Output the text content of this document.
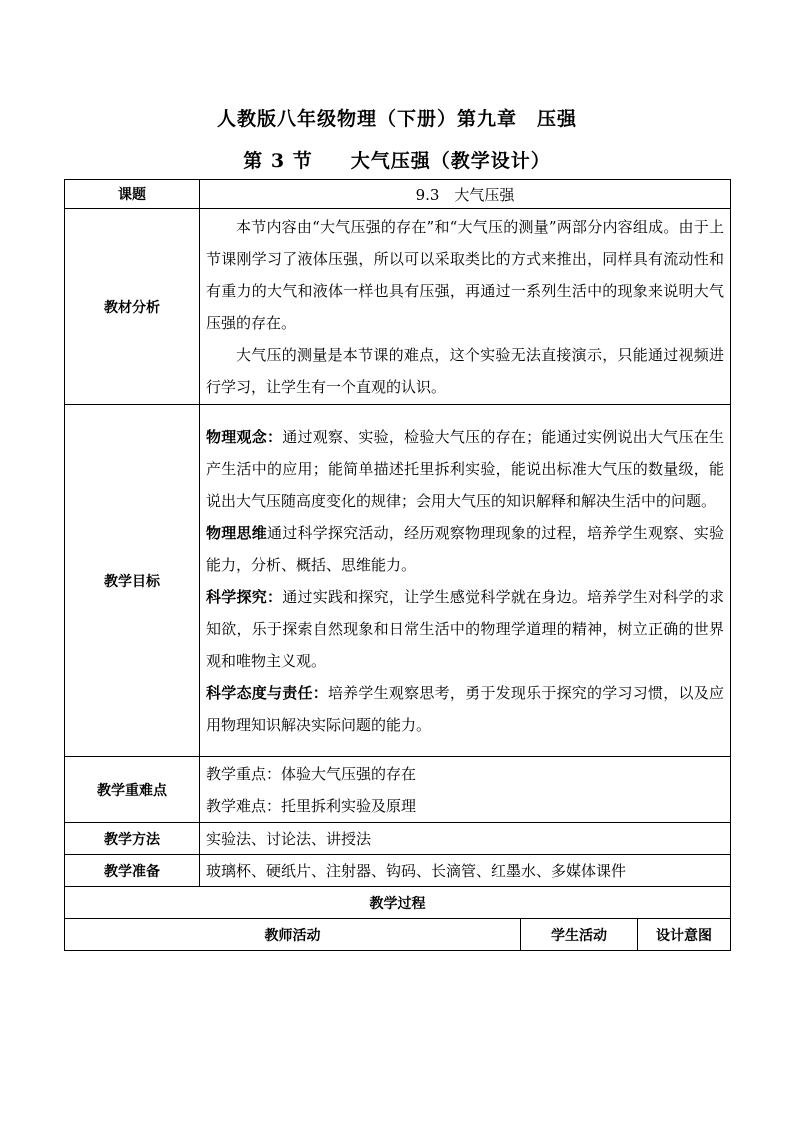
人教版八年级物理（下册）第九章　压强
第 3 节 大气压强（教学设计）
课题	9.3　大气压强		
教材分析	本节内容由“大气压强的存在”和“大气压的测量”两部分内容组成。由于上节课刚学习了液体压强，所以可以采取类比的方式来推出，同样具有流动性和有重力的大气和液体一样也具有压强，再通过一系列生活中的现象来说明大气压强的存在。
大气压的测量是本节课的难点，这个实验无法直接演示，只能通过视频进行学习，让学生有一个直观的认识。		

教学目标	物理观念：通过观察、实验，检验大气压的存在；能通过实例说出大气压在生产生活中的应用；能简单描述托里拆利实验，能说出标准大气压的数量级，能说出大气压随高度变化的规律；会用大气压的知识解释和解决生活中的问题。
物理思维通过科学探究活动，经历观察物理现象的过程，培养学生观察、实验能力，分析、概括、思维能力。
科学探究：通过实践和探究，让学生感觉科学就在身边。培养学生对科学的求知欲，乐于探索自然现象和日常生活中的物理学道理的精神，树立正确的世界观和唯物主义观。
科学态度与责任：培养学生观察思考，勇于发现乐于探究的学习习惯，以及应用物理知识解决实际问题的能力。		

教学重难点	教学重点：体验大气压强的存在
教学难点：托里拆利实验及原理		

教学方法	实验法、讨论法、讲授法		
教学准备	玻璃杯、硬纸片、注射器、钩码、长滴管、红墨水、多媒体课件		
教学过程			
教师活动		学生活动	设计意图
